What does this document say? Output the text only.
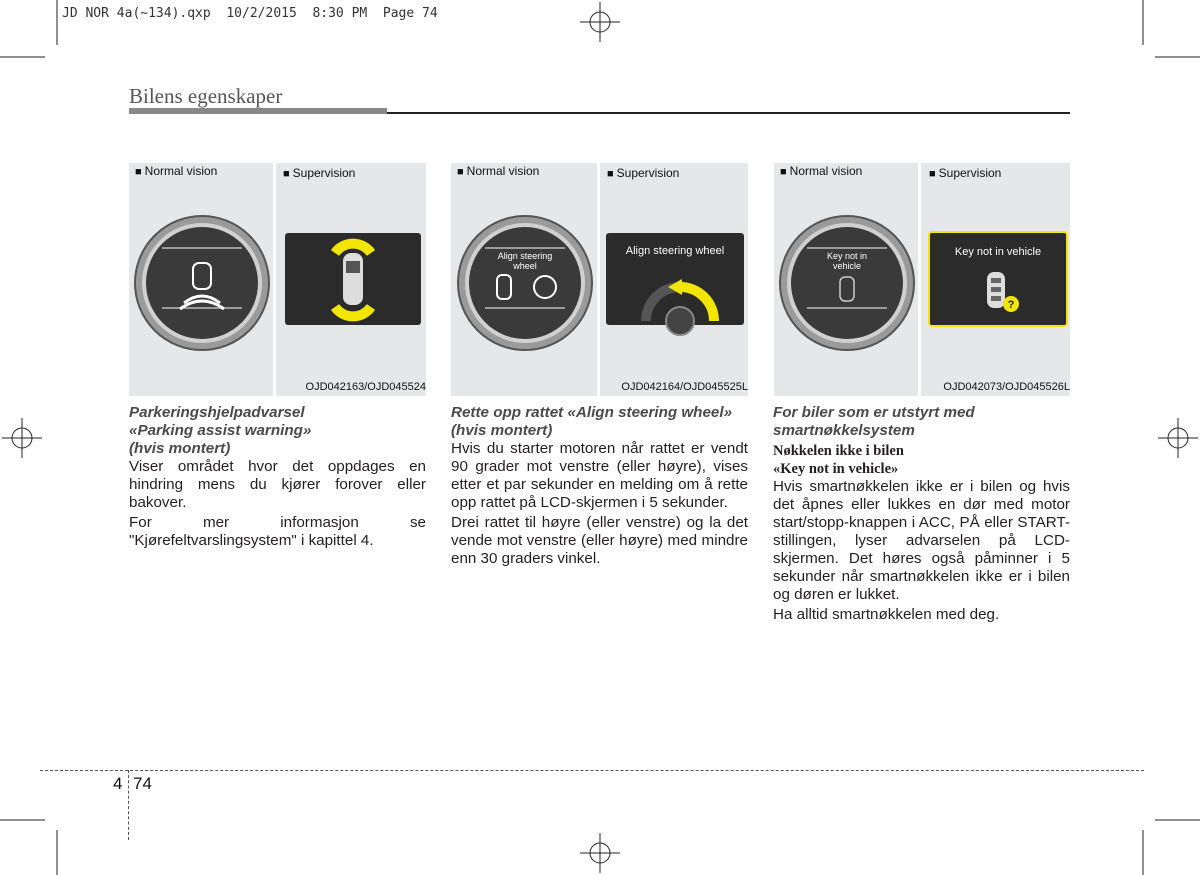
JD NOR 4a(~134).qxp  10/2/2015  8:30 PM  Page 74
Bilens egenskaper
■ Normal vision	■ Supervision
OJD042163/OJD045524
■ Normal vision	■ Supervision
Align steering wheel
Align steering wheel
OJD042164/OJD045525L
■ Normal vision	■ Supervision
Key not in vehicle
?
Key not in vehicle
OJD042073/OJD045526L

Parkeringshjelpadvarsel

«Parking assist warning»

(hvis montert)

Viser området hvor det oppdages en hindring mens du kjører forover eller bakover.

For mer informasjon se "Kjørefeltvarslingsystem" i kapittel 4.

Rette opp rattet «Align steering wheel»

(hvis montert)

Hvis du starter motoren når rattet er vendt 90 grader mot venstre (eller høyre), vises etter et par sekunder en melding om å rette opp rattet på LCD-skjermen i 5 sekunder.

Drei rattet til høyre (eller venstre) og la det vende mot venstre (eller høyre) med mindre enn 30 graders vinkel.

For biler som er utstyrt med

smartnøkkelsystem

Nøkkelen ikke i bilen

«Key not in vehicle»

Hvis smartnøkkelen ikke er i bilen og hvis det åpnes eller lukkes en dør med motor start/stopp-knappen i ACC, PÅ eller START-stillingen, lyser advarselen på LCD-skjermen. Det høres også påminner i 5 sekunder når smartnøkkelen ikke er i bilen og døren er lukket.

Ha alltid smartnøkkelen med deg.

4 74
